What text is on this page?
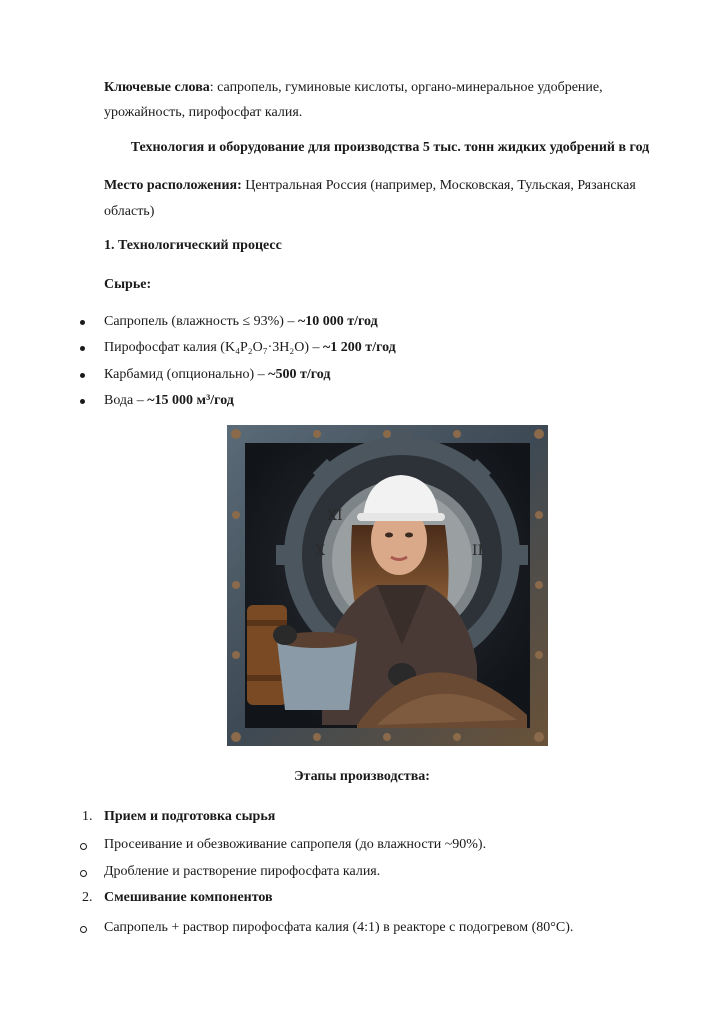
Ключевые слова: сапропель, гуминовые кислоты, органо-минеральное удобрение,
урожайность, пирофосфат калия.
Технология и оборудование для производства 5 тыс. тонн жидких удобрений в год
Место расположения: Центральная Россия (например, Московская, Тульская, Рязанская
область)
1. Технологический процесс
Сырье:
Сапропель (влажность ≤ 93%) – ~10 000 т/год
Пирофосфат калия (K₄P₂O₇·3H₂O) – ~1 200 т/год
Карбамид (опционально) – ~500 т/год
Вода – ~15 000 м³/год
X
XI
II
Этапы производства:
1. Прием и подготовка сырья
Просеивание и обезвоживание сапропеля (до влажности ~90%).
Дробление и растворение пирофосфата калия.
2. Смешивание компонентов
Сапропель + раствор пирофосфата калия (4:1) в реакторе с подогревом (80°C).
